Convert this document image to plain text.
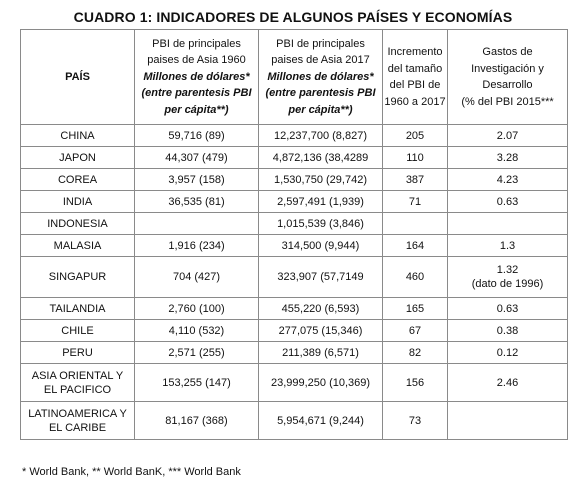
CUADRO 1: INDICADORES DE ALGUNOS PAÍSES Y ECONOMÍAS
PAÍS	PBI de principales
paises de Asia 1960
Millones de dólares*
(entre parentesis PBI
per cápita**)	PBI de principales
paises de Asia 2017
Millones de dólares*
(entre parentesis PBI
per cápita**)	Incremento
del tamaño
del PBI de
1960 a 2017	Gastos de
Investigación y
Desarrollo
(% del PBI 2015***
CHINA	59,716 (89)	12,237,700 (8,827)	205	2.07
JAPON	44,307 (479)	4,872,136 (38,4289	110	3.28
COREA	3,957 (158)	1,530,750 (29,742)	387	4.23
INDIA	36,535 (81)	2,597,491 (1,939)	71	0.63
INDONESIA		1,015,539 (3,846)		
MALASIA	1,916 (234)	314,500 (9,944)	164	1.3
SINGAPUR	704 (427)	323,907 (57,7149	460	1.32
(dato de 1996)
TAILANDIA	2,760 (100)	455,220 (6,593)	165	0.63
CHILE	4,110 (532)	277,075 (15,346)	67	0.38
PERU	2,571 (255)	211,389 (6,571)	82	0.12
ASIA ORIENTAL Y
EL PACIFICO	153,255 (147)	23,999,250 (10,369)	156	2.46
LATINOAMERICA Y
EL CARIBE	81,167 (368)	5,954,671 (9,244)	73	
* World Bank, ** World BanK, *** World Bank
